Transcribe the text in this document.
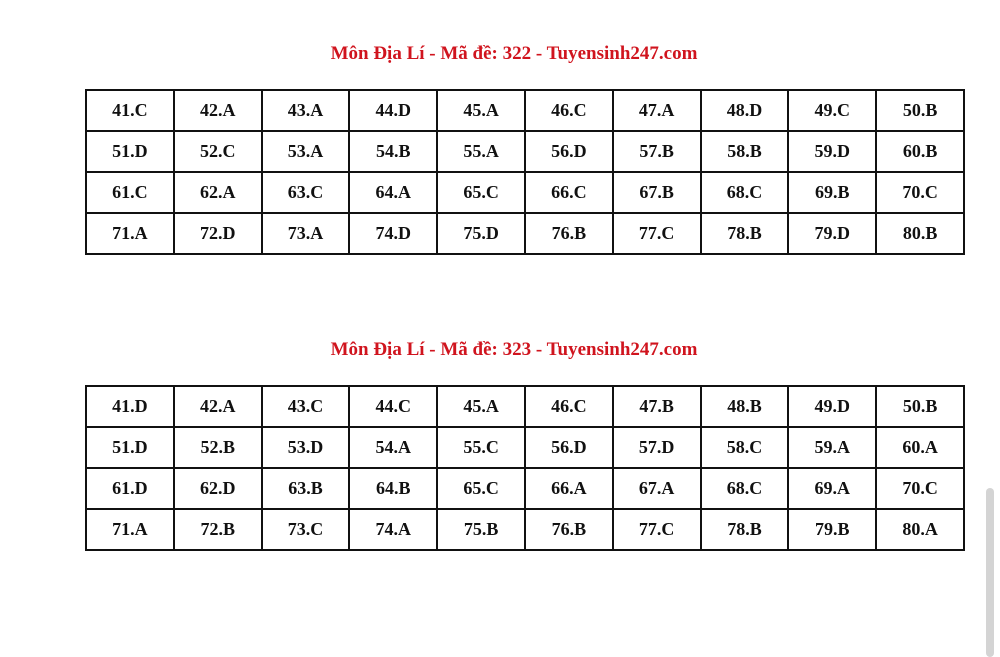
Môn Địa Lí - Mã đề: 322 - Tuyensinh247.com
41.C	42.A	43.A	44.D	45.A	46.C	47.A	48.D	49.C	50.B
51.D	52.C	53.A	54.B	55.A	56.D	57.B	58.B	59.D	60.B
61.C	62.A	63.C	64.A	65.C	66.C	67.B	68.C	69.B	70.C
71.A	72.D	73.A	74.D	75.D	76.B	77.C	78.B	79.D	80.B
Môn Địa Lí - Mã đề: 323 - Tuyensinh247.com
41.D	42.A	43.C	44.C	45.A	46.C	47.B	48.B	49.D	50.B
51.D	52.B	53.D	54.A	55.C	56.D	57.D	58.C	59.A	60.A
61.D	62.D	63.B	64.B	65.C	66.A	67.A	68.C	69.A	70.C
71.A	72.B	73.C	74.A	75.B	76.B	77.C	78.B	79.B	80.A
